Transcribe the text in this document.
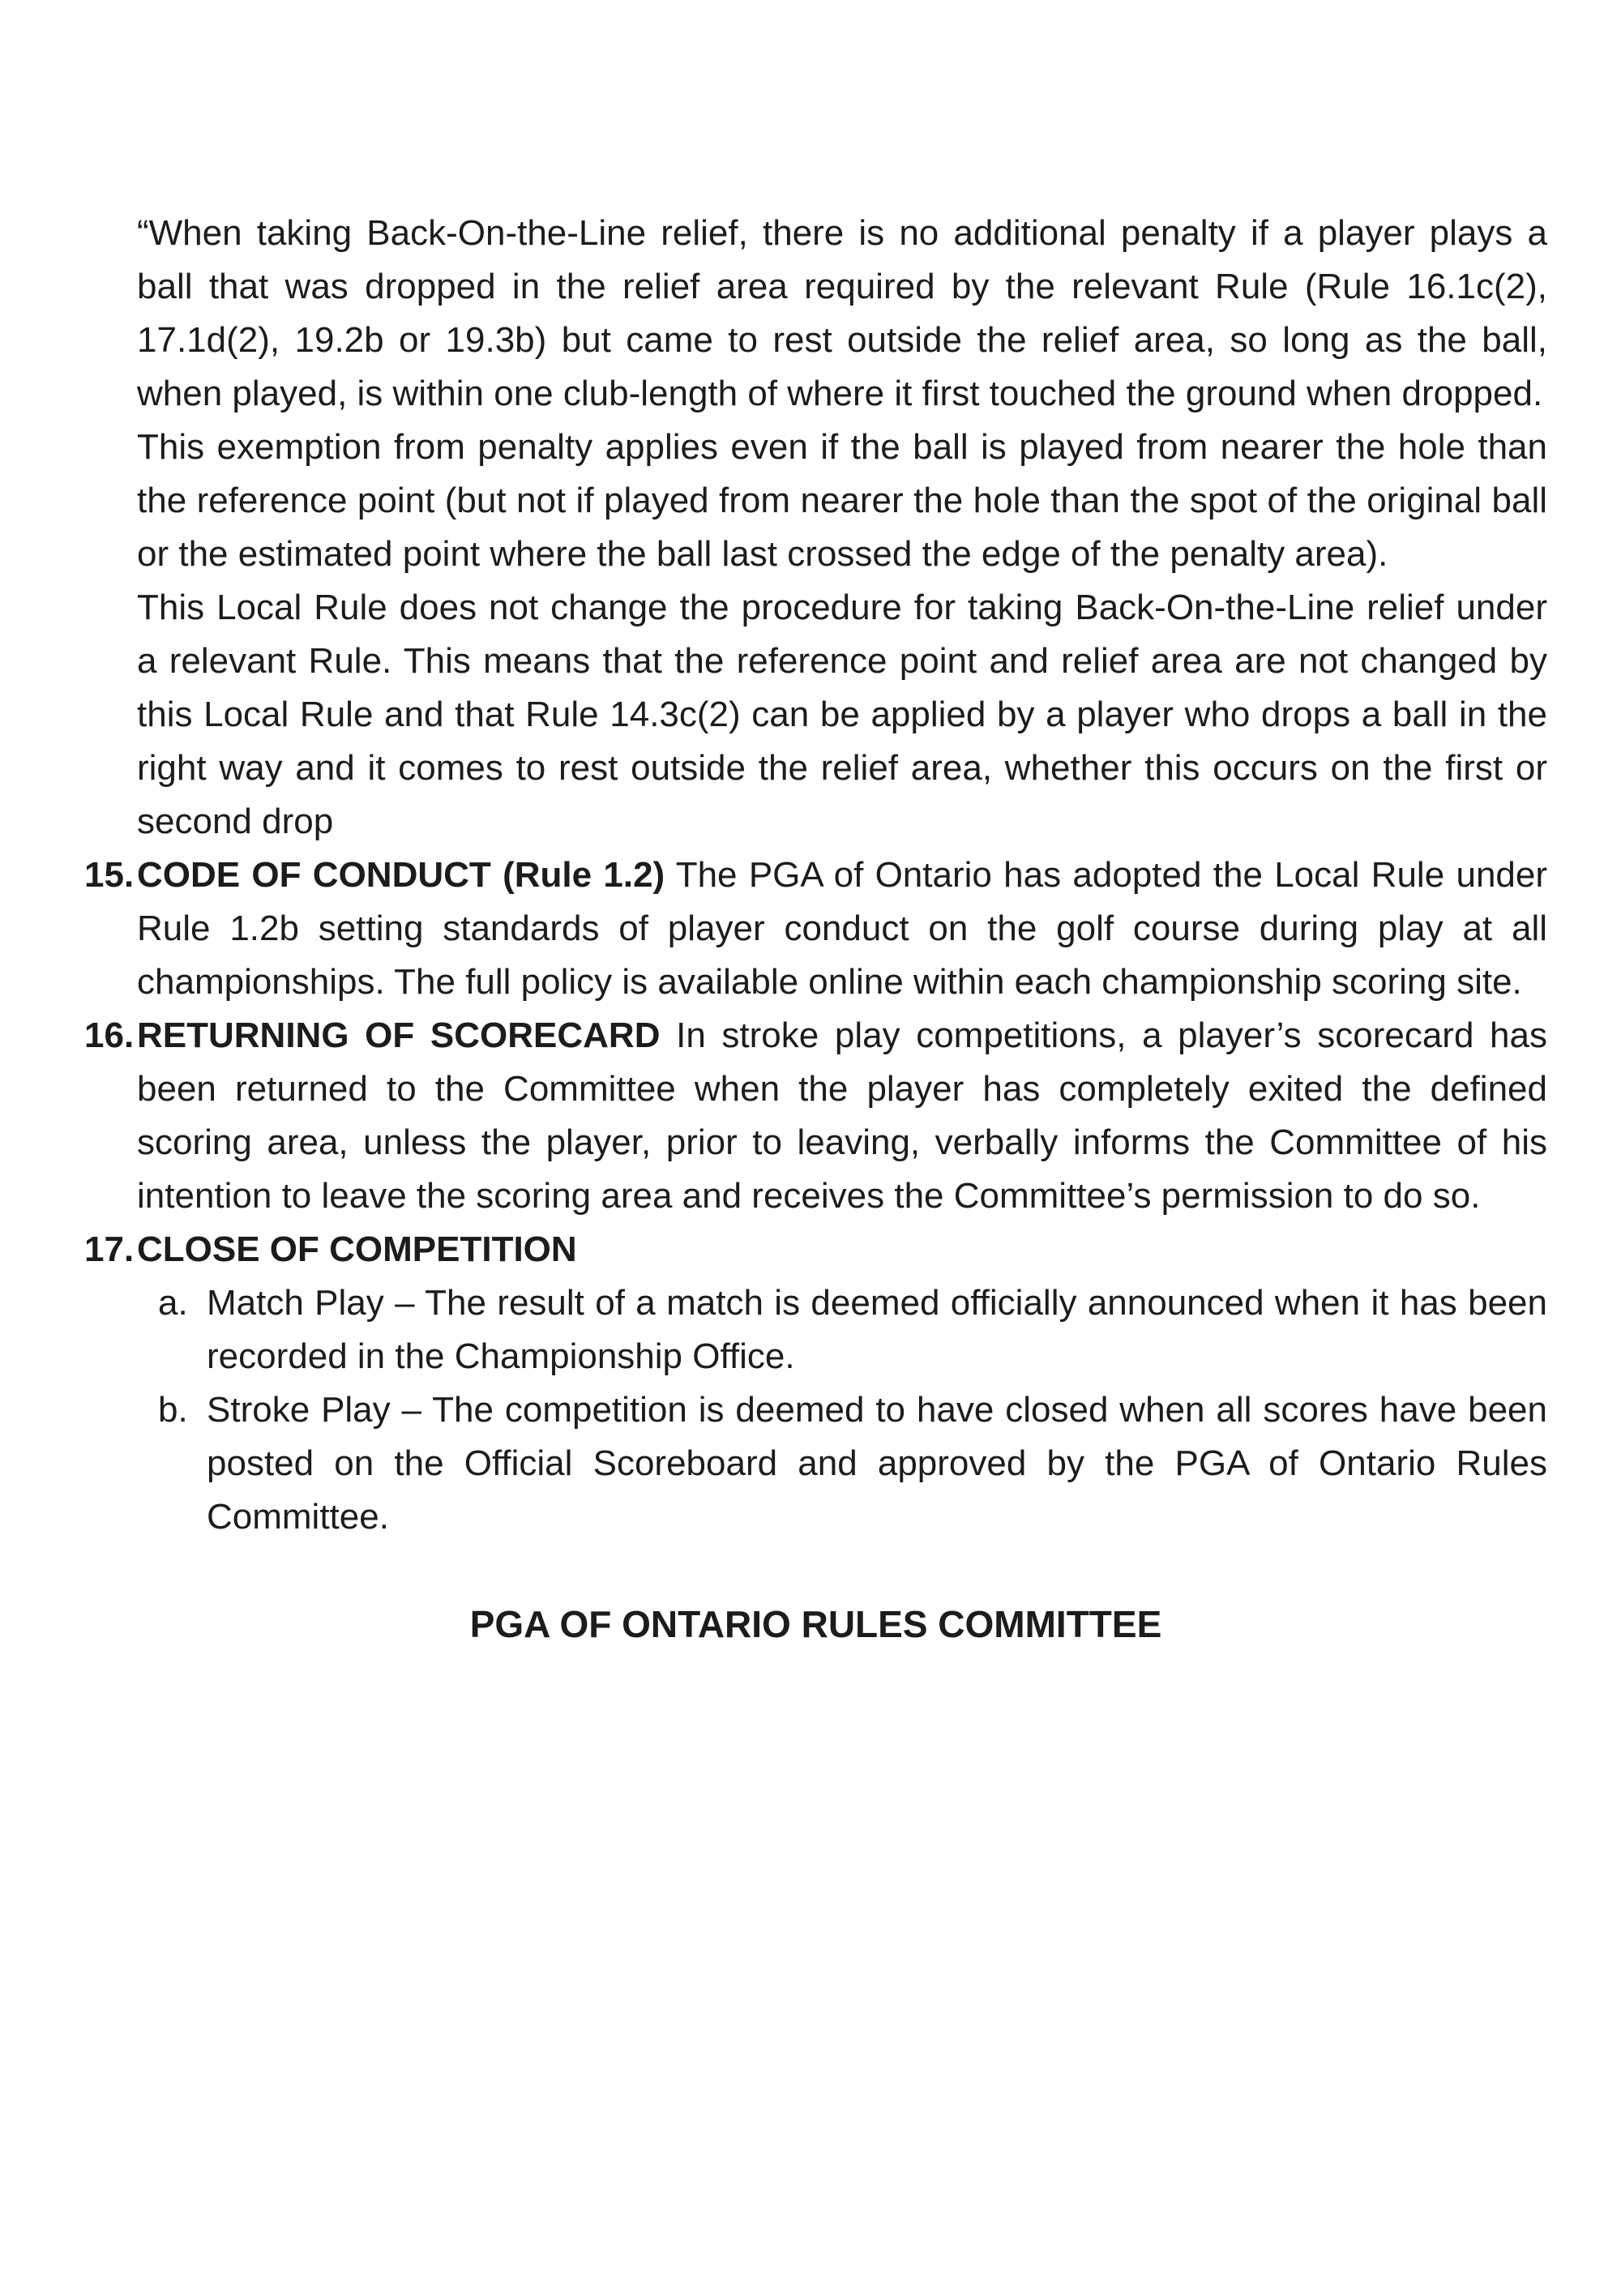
“When taking Back-On-the-Line relief, there is no additional penalty if a player plays a ball that was dropped in the relief area required by the relevant Rule (Rule 16.1c(2), 17.1d(2), 19.2b or 19.3b) but came to rest outside the relief area, so long as the ball, when played, is within one club-length of where it first touched the ground when dropped.

This exemption from penalty applies even if the ball is played from nearer the hole than the reference point (but not if played from nearer the hole than the spot of the original ball or the estimated point where the ball last crossed the edge of the penalty area).

This Local Rule does not change the procedure for taking Back-On-the-Line relief under a relevant Rule. This means that the reference point and relief area are not changed by this Local Rule and that Rule 14.3c(2) can be applied by a player who drops a ball in the right way and it comes to rest outside the relief area, whether this occurs on the first or second drop

15. CODE OF CONDUCT (Rule 1.2) The PGA of Ontario has adopted the Local Rule under Rule 1.2b setting standards of player conduct on the golf course during play at all championships. The full policy is available online within each championship scoring site.
16. RETURNING OF SCORECARD In stroke play competitions, a player’s scorecard has been returned to the Committee when the player has completely exited the defined scoring area, unless the player, prior to leaving, verbally informs the Committee of his intention to leave the scoring area and receives the Committee’s permission to do so.
17. CLOSE OF COMPETITION
a. Match Play – The result of a match is deemed officially announced when it has been recorded in the Championship Office.
b. Stroke Play – The competition is deemed to have closed when all scores have been posted on the Official Scoreboard and approved by the PGA of Ontario Rules Committee.
PGA OF ONTARIO RULES COMMITTEE
